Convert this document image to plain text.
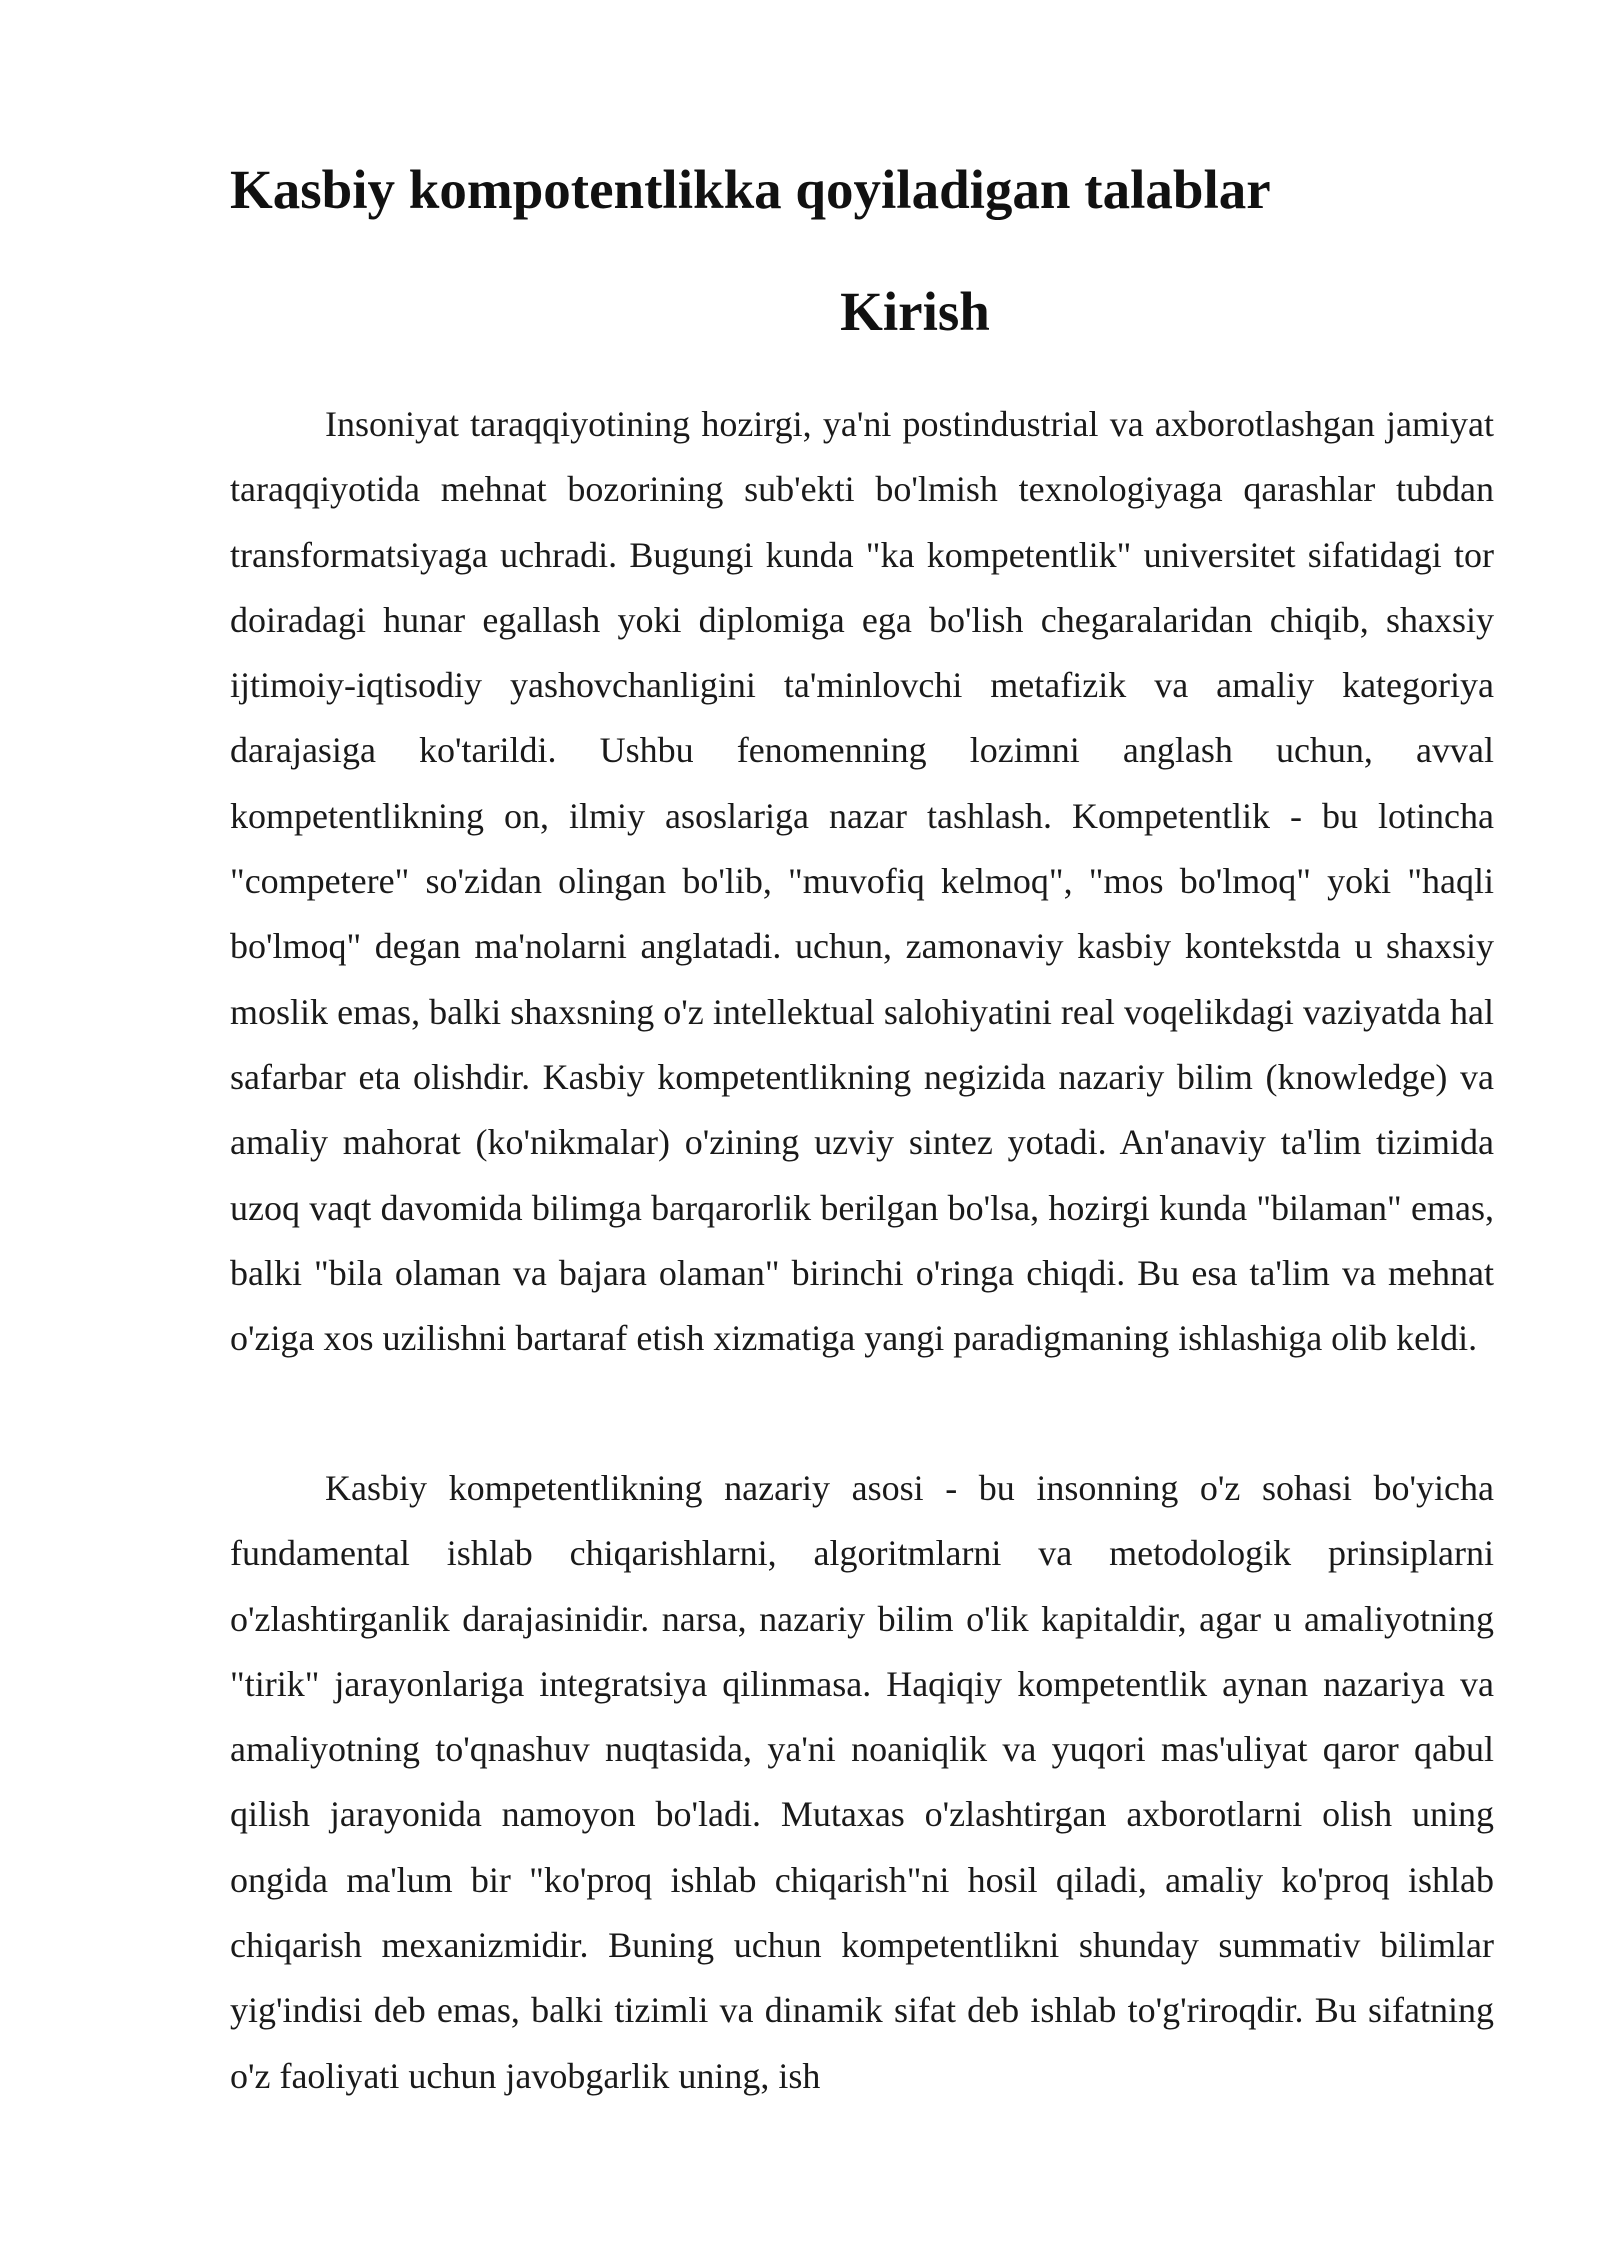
Kasbiy kompotentlikka qoyiladigan talablar
Kirish

Insoniyat taraqqiyotining hozirgi, ya'ni postindustrial va axborotlashgan jamiyat taraqqiyotida mehnat bozorining sub'ekti bo'lmish texnologiyaga qarashlar tubdan transformatsiyaga uchradi. Bugungi kunda "ka kompetentlik" universitet sifatidagi tor doiradagi hunar egallash yoki diplomiga ega bo'lish chegaralaridan chiqib, shaxsiy ijtimoiy-iqtisodiy yashovchanligini ta'minlovchi metafizik va amaliy kategoriya darajasiga ko'tarildi. Ushbu fenomenning lozimni anglash uchun, avval kompetentlikning on, ilmiy asoslariga nazar tashlash. Kompetentlik - bu lotincha "competere" so'zidan olingan bo'lib, "muvofiq kelmoq", "mos bo'lmoq" yoki "haqli bo'lmoq" degan ma'nolarni anglatadi. uchun, zamonaviy kasbiy kontekstda u shaxsiy moslik emas, balki shaxsning o'z intellektual salohiyatini real voqelikdagi vaziyatda hal safarbar eta olishdir. Kasbiy kompetentlikning negizida nazariy bilim (knowledge) va amaliy mahorat (ko'nikmalar) o'zining uzviy sintez yotadi. An'anaviy ta'lim tizimida uzoq vaqt davomida bilimga barqarorlik berilgan bo'lsa, hozirgi kunda "bilaman" emas, balki "bila olaman va bajara olaman" birinchi o'ringa chiqdi. Bu esa ta'lim va mehnat o'ziga xos uzilishni bartaraf etish xizmatiga yangi paradigmaning ishlashiga olib keldi.

Kasbiy kompetentlikning nazariy asosi - bu insonning o'z sohasi bo'yicha fundamental ishlab chiqarishlarni, algoritmlarni va metodologik prinsiplarni o'zlashtirganlik darajasinidir. narsa, nazariy bilim o'lik kapitaldir, agar u amaliyotning "tirik" jarayonlariga integratsiya qilinmasa. Haqiqiy kompetentlik aynan nazariya va amaliyotning to'qnashuv nuqtasida, ya'ni noaniqlik va yuqori mas'uliyat qaror qabul qilish jarayonida namoyon bo'ladi. Mutaxas o'zlashtirgan axborotlarni olish uning ongida ma'lum bir "ko'proq ishlab chiqarish"ni hosil qiladi, amaliy ko'proq ishlab chiqarish mexanizmidir. Buning uchun kompetentlikni shunday summativ bilimlar yig'indisi deb emas, balki tizimli va dinamik sifat deb ishlab to'g'riroqdir. Bu sifatning o'z faoliyati uchun javobgarlik uning, ish
